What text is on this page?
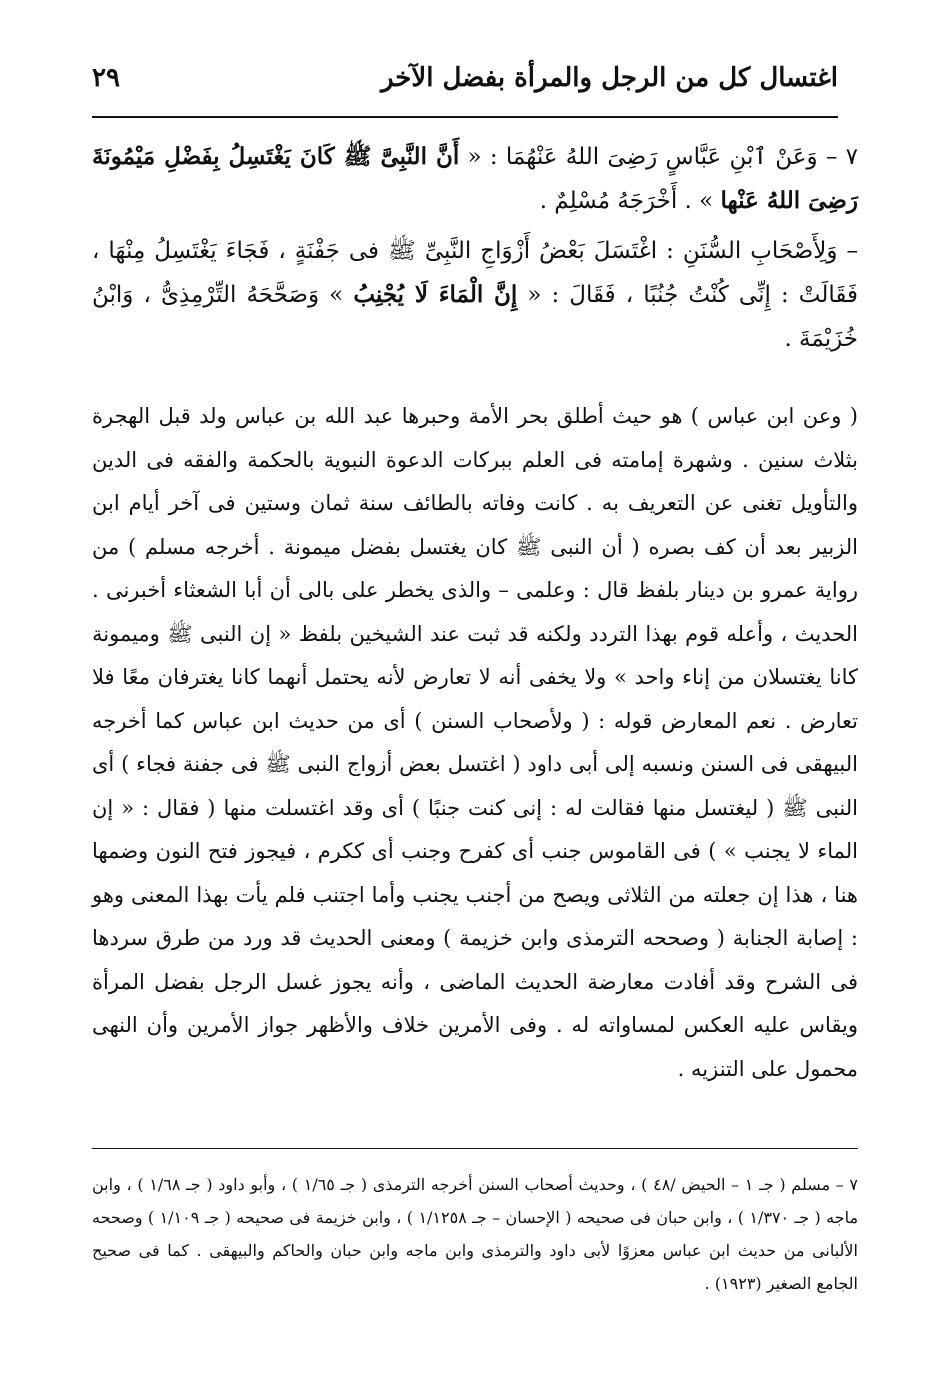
اغتسال كل من الرجل والمرأة بفضل الآخر
٢٩

٧ – وَعَنْ ٱبْنِ عَبَّاسٍ رَضِىَ اللهُ عَنْهُمَا : « أَنَّ النَّبِىَّ ﷺ كَانَ يَغْتَسِلُ بِفَضْلِ مَيْمُونَةَ رَضِىَ اللهُ عَنْها » . أَخْرَجَهُ مُسْلِمٌ .

– وَلِأَصْحَابِ السُّنَنِ : اغْتَسَلَ بَعْضُ أَزْوَاجِ النَّبِىِّ ﷺ فى جَفْنَةٍ ، فَجَاءَ يَغْتَسِلُ مِنْهَا ، فَقَالَتْ : إِنِّى كُنْتُ جُنُبًا ، فَقَالَ : « إِنَّ الْمَاءَ لَا يُجْنِبُ » وَصَحَّحَهُ التِّرْمِذِىُّ ، وَابْنُ خُزَيْمَةَ .

( وعن ابن عباس ) هو حيث أطلق بحر الأمة وحبرها عبد الله بن عباس ولد قبل الهجرة بثلاث سنين . وشهرة إمامته فى العلم ببركات الدعوة النبوية بالحكمة والفقه فى الدين والتأويل تغنى عن التعريف به . كانت وفاته بالطائف سنة ثمان وستين فى آخر أيام ابن الزبير بعد أن كف بصره ( أن النبى ﷺ كان يغتسل بفضل ميمونة . أخرجه مسلم ) من رواية عمرو بن دينار بلفظ قال : وعلمى – والذى يخطر على بالى أن أبا الشعثاء أخبرنى . الحديث ، وأعله قوم بهذا التردد ولكنه قد ثبت عند الشيخين بلفظ « إن النبى ﷺ وميمونة كانا يغتسلان من إناء واحد » ولا يخفى أنه لا تعارض لأنه يحتمل أنهما كانا يغترفان معًا فلا تعارض . نعم المعارض قوله : ( ولأصحاب السنن ) أى من حديث ابن عباس كما أخرجه البيهقى فى السنن ونسبه إلى أبى داود ( اغتسل بعض أزواج النبى ﷺ فى جفنة فجاء ) أى النبى ﷺ ( ليغتسل منها فقالت له : إنى كنت جنبًا ) أى وقد اغتسلت منها ( فقال : « إن الماء لا يجنب » ) فى القاموس جنب أى كفرح وجنب أى ككرم ، فيجوز فتح النون وضمها هنا ، هذا إن جعلته من الثلاثى ويصح من أجنب يجنب وأما اجتنب فلم يأت بهذا المعنى وهو : إصابة الجنابة ( وصححه الترمذى وابن خزيمة ) ومعنى الحديث قد ورد من طرق سردها فى الشرح وقد أفادت معارضة الحديث الماضى ، وأنه يجوز غسل الرجل بفضل المرأة ويقاس عليه العكس لمساواته له . وفى الأمرين خلاف والأظهر جواز الأمرين وأن النهى محمول على التنزيه .

٧ – مسلم ( جـ ١ – الحيض /٤٨ ) ، وحديث أصحاب السنن أخرجه الترمذى ( جـ ١/٦٥ ) ، وأبو داود ( جـ ١/٦٨ ) ، وابن ماجه ( جـ ١/٣٧٠ ) ، وابن حبان فى صحيحه ( الإحسان – جـ ١/١٢٥٨ ) ، وابن خزيمة فى صحيحه ( جـ ١/١٠٩ ) وصححه الألبانى من حديث ابن عباس معزوًا لأبى داود والترمذى وابن ماجه وابن حبان والحاكم والبيهقى . كما فى صحيح الجامع الصغير (١٩٢٣) .
